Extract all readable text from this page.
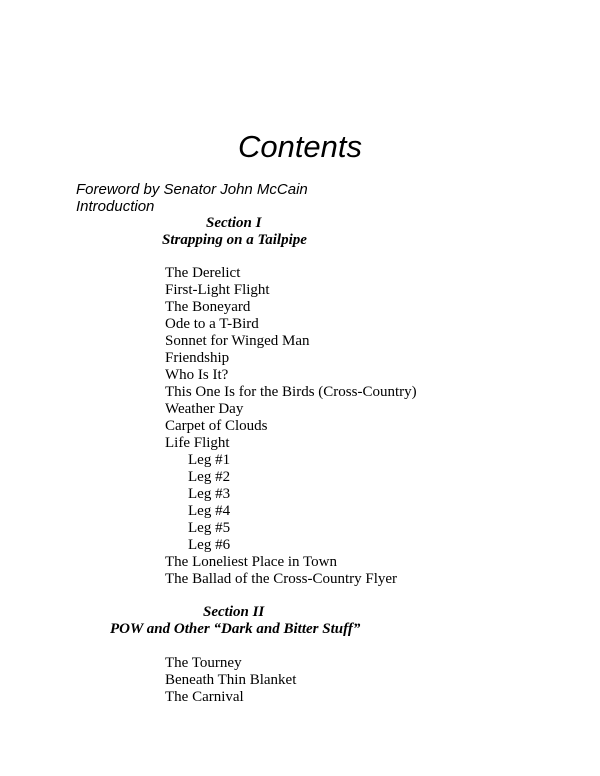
Contents

Foreword by Senator John McCain

Introduction

Section I

Strapping on a Tailpipe

The Derelict

First-Light Flight

The Boneyard

Ode to a T-Bird

Sonnet for Winged Man

Friendship

Who Is It?

This One Is for the Birds (Cross-Country)

Weather Day

Carpet of Clouds

Life Flight

Leg #1

Leg #2

Leg #3

Leg #4

Leg #5

Leg #6

The Loneliest Place in Town

The Ballad of the Cross-Country Flyer

Section II

POW and Other “Dark and Bitter Stuff”

The Tourney

Beneath Thin Blanket

The Carnival
